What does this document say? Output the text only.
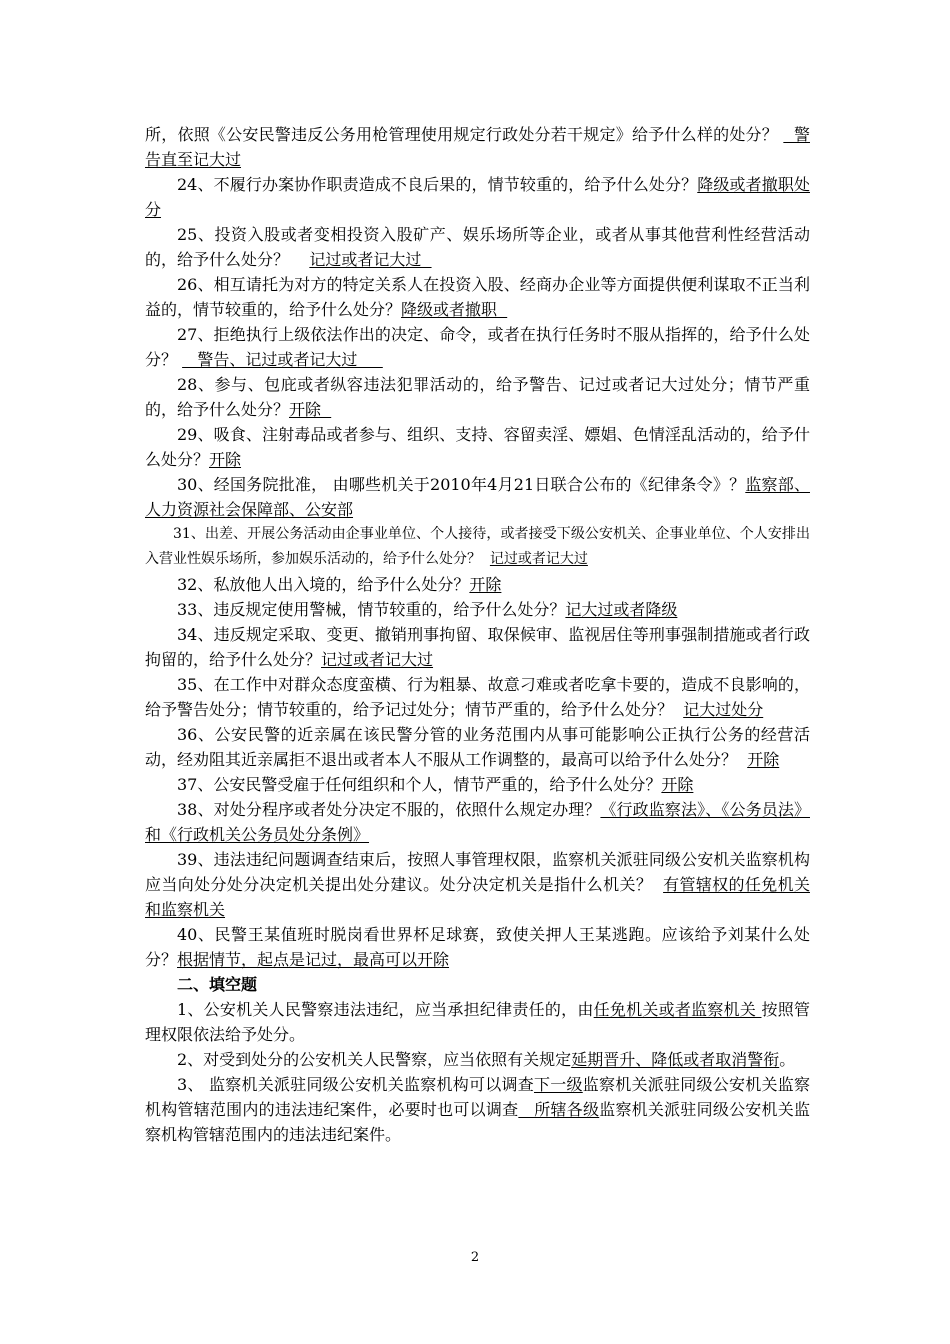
所，依照《公安民警违反公务用枪管理使用规定行政处分若干规定》给予什么样的处分？   警告直至记大过

24、不履行办案协作职责造成不良后果的，情节较重的，给予什么处分？降级或者撤职处分

25、投资入股或者变相投资入股矿产、娱乐场所等企业，或者从事其他营利性经营活动的，给予什么处分？    记过或者记大过

26、相互请托为对方的特定关系人在投资入股、经商办企业等方面提供便利谋取不正当利益的，情节较重的，给予什么处分？降级或者撤职

27、拒绝执行上级依法作出的决定、命令，或者在执行任务时不服从指挥的，给予什么处分？    警告、记过或者记大过

28、参与、包庇或者纵容违法犯罪活动的，给予警告、记过或者记大过处分；情节严重的，给予什么处分？开除

29、吸食、注射毒品或者参与、组织、支持、容留卖淫、嫖娼、色情淫乱活动的，给予什么处分？开除

30、经国务院批准， 由哪些机关于2010年4月21日联合公布的《纪律条令》？监察部、人力资源社会保障部、公安部

31、出差、开展公务活动由企事业单位、个人接待，或者接受下级公安机关、企事业单位、个人安排出入营业性娱乐场所，参加娱乐活动的，给予什么处分？  记过或者记大过

32、私放他人出入境的，给予什么处分？开除

33、违反规定使用警械，情节较重的，给予什么处分？记大过或者降级

34、违反规定采取、变更、撤销刑事拘留、取保候审、监视居住等刑事强制措施或者行政拘留的，给予什么处分？记过或者记大过

35、在工作中对群众态度蛮横、行为粗暴、故意刁难或者吃拿卡要的，造成不良影响的，给予警告处分；情节较重的，给予记过处分；情节严重的，给予什么处分？  记大过处分

36、公安民警的近亲属在该民警分管的业务范围内从事可能影响公正执行公务的经营活动，经劝阻其近亲属拒不退出或者本人不服从工作调整的，最高可以给予什么处分？  开除

37、公安民警受雇于任何组织和个人，情节严重的，给予什么处分？开除

38、对处分程序或者处分决定不服的，依照什么规定办理？《行政监察法》、《公务员法》和《行政机关公务员处分条例》

39、违法违纪问题调查结束后，按照人事管理权限，监察机关派驻同级公安机关监察机构应当向处分处分决定机关提出处分建议。处分决定机关是指什么机关？  有管辖权的任免机关和监察机关

40、民警王某值班时脱岗看世界杯足球赛，致使关押人王某逃跑。应该给予刘某什么处分？根据情节，起点是记过，最高可以开除

二、填空题

1、公安机关人民警察违法违纪，应当承担纪律责任的，由任免机关或者监察机关 按照管理权限依法给予处分。

2、对受到处分的公安机关人民警察，应当依照有关规定延期晋升、降低或者取消警衔。

3、 监察机关派驻同级公安机关监察机构可以调查下一级监察机关派驻同级公安机关监察机构管辖范围内的违法违纪案件，必要时也可以调查   所辖各级监察机关派驻同级公安机关监察机构管辖范围内的违法违纪案件。

2
